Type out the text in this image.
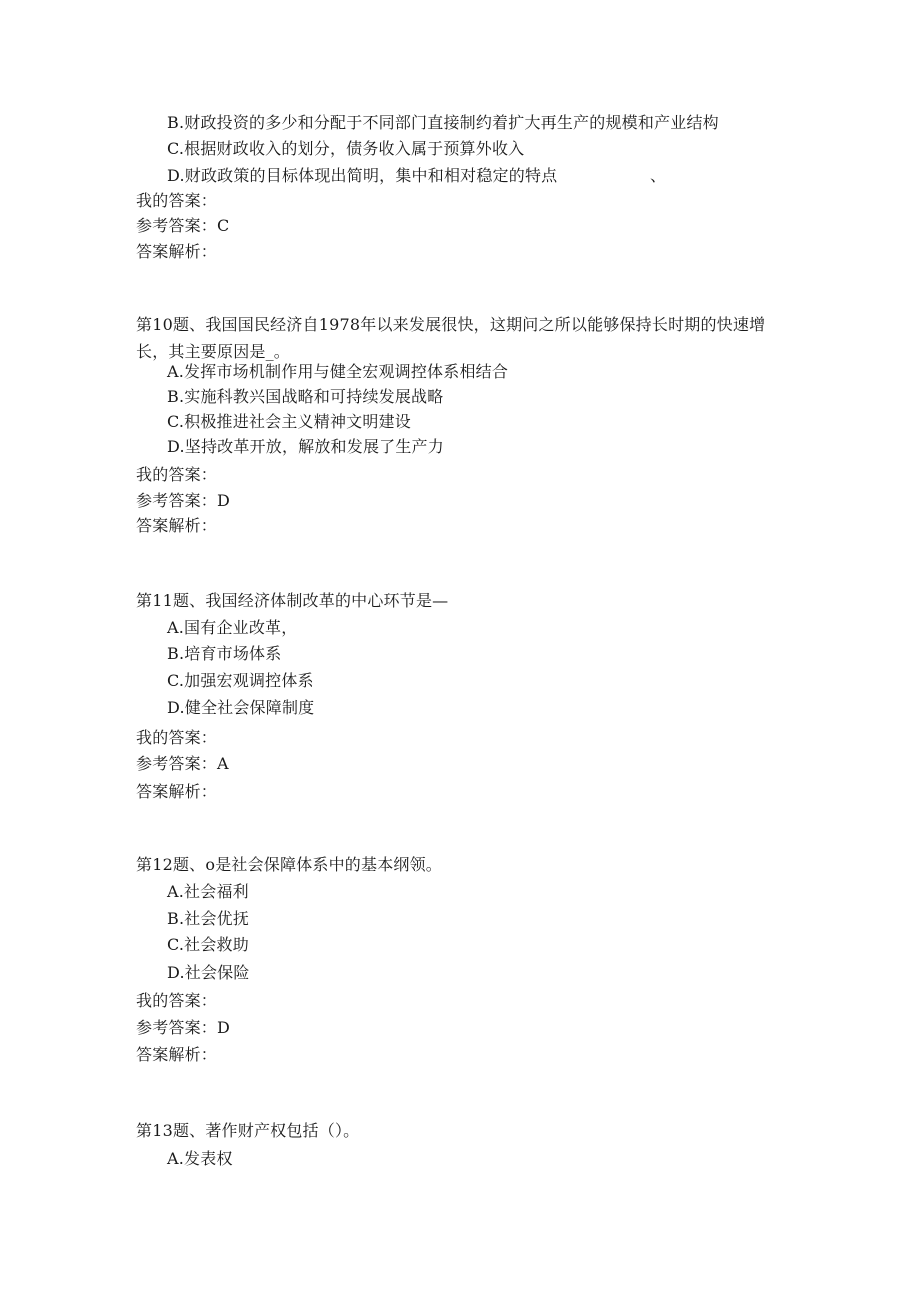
B.财政投资的多少和分配于不同部门直接制约着扩大再生产的规模和产业结构
C.根据财政收入的划分，债务收入属于预算外收入
D.财政政策的目标体现出简明，集中和相对稳定的特点	、
我的答案：
参考答案：C
答案解析：
第10题、我国国民经济自1978年以来发展很快，这期问之所以能够保持长时期的快速增长，其主要原因是_。
A.发挥市场机制作用与健全宏观调控体系相结合
B.实施科教兴国战略和可持续发展战略
C.积极推进社会主义精神文明建设
D.坚持改革开放，解放和发展了生产力
我的答案：
参考答案：D
答案解析：
第11题、我国经济体制改革的中心环节是—
A.国有企业改革，
B.培育市场体系
C.加强宏观调控体系
D.健全社会保障制度
我的答案：
参考答案：A
答案解析：
第12题、o是社会保障体系中的基本纲领。
A.社会福利
B.社会优抚
C.社会救助
D.社会保险
我的答案：
参考答案：D
答案解析：
第13题、著作财产权包括（）。
A.发表权
